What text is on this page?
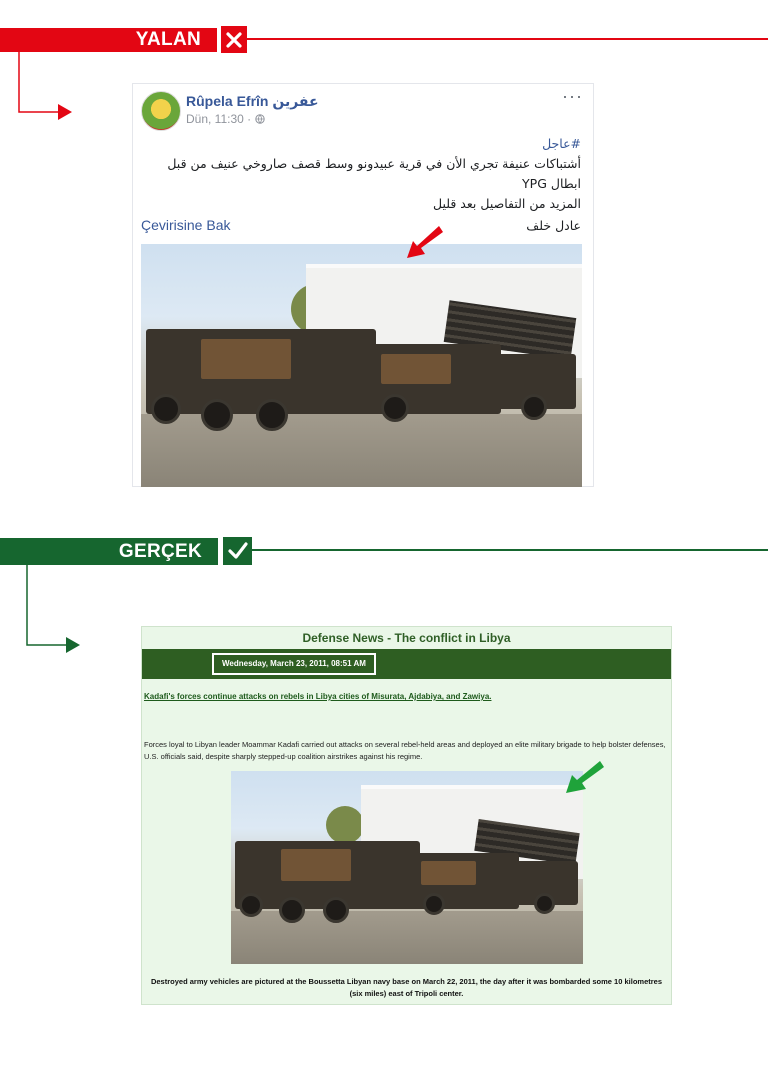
YALAN
Rûpela Efrîn عفرين
Dün, 11:30 ·
···
#عاجل
أشتباكات عنيفة تجري الأن في قرية عبيدونو وسط قصف صاروخي عنيف من قبل ابطال YPG
المزيد من التفاصيل بعد قليل
عادل خلف
Çevirisine Bak
GERÇEK
Defense News - The conflict in Libya
Wednesday, March 23, 2011, 08:51 AM
Kadafi's forces continue attacks on rebels in Libya cities of Misurata, Ajdabiya, and Zawiya.
Forces loyal to Libyan leader Moammar Kadafi carried out attacks on several rebel-held areas and deployed an elite military brigade to help bolster defenses, U.S. officials said, despite sharply stepped-up coalition airstrikes against his regime.
Destroyed army vehicles are pictured at the Boussetta Libyan navy base on March 22, 2011, the day after it was bombarded some 10 kilometres
(six miles) east of Tripoli center.
